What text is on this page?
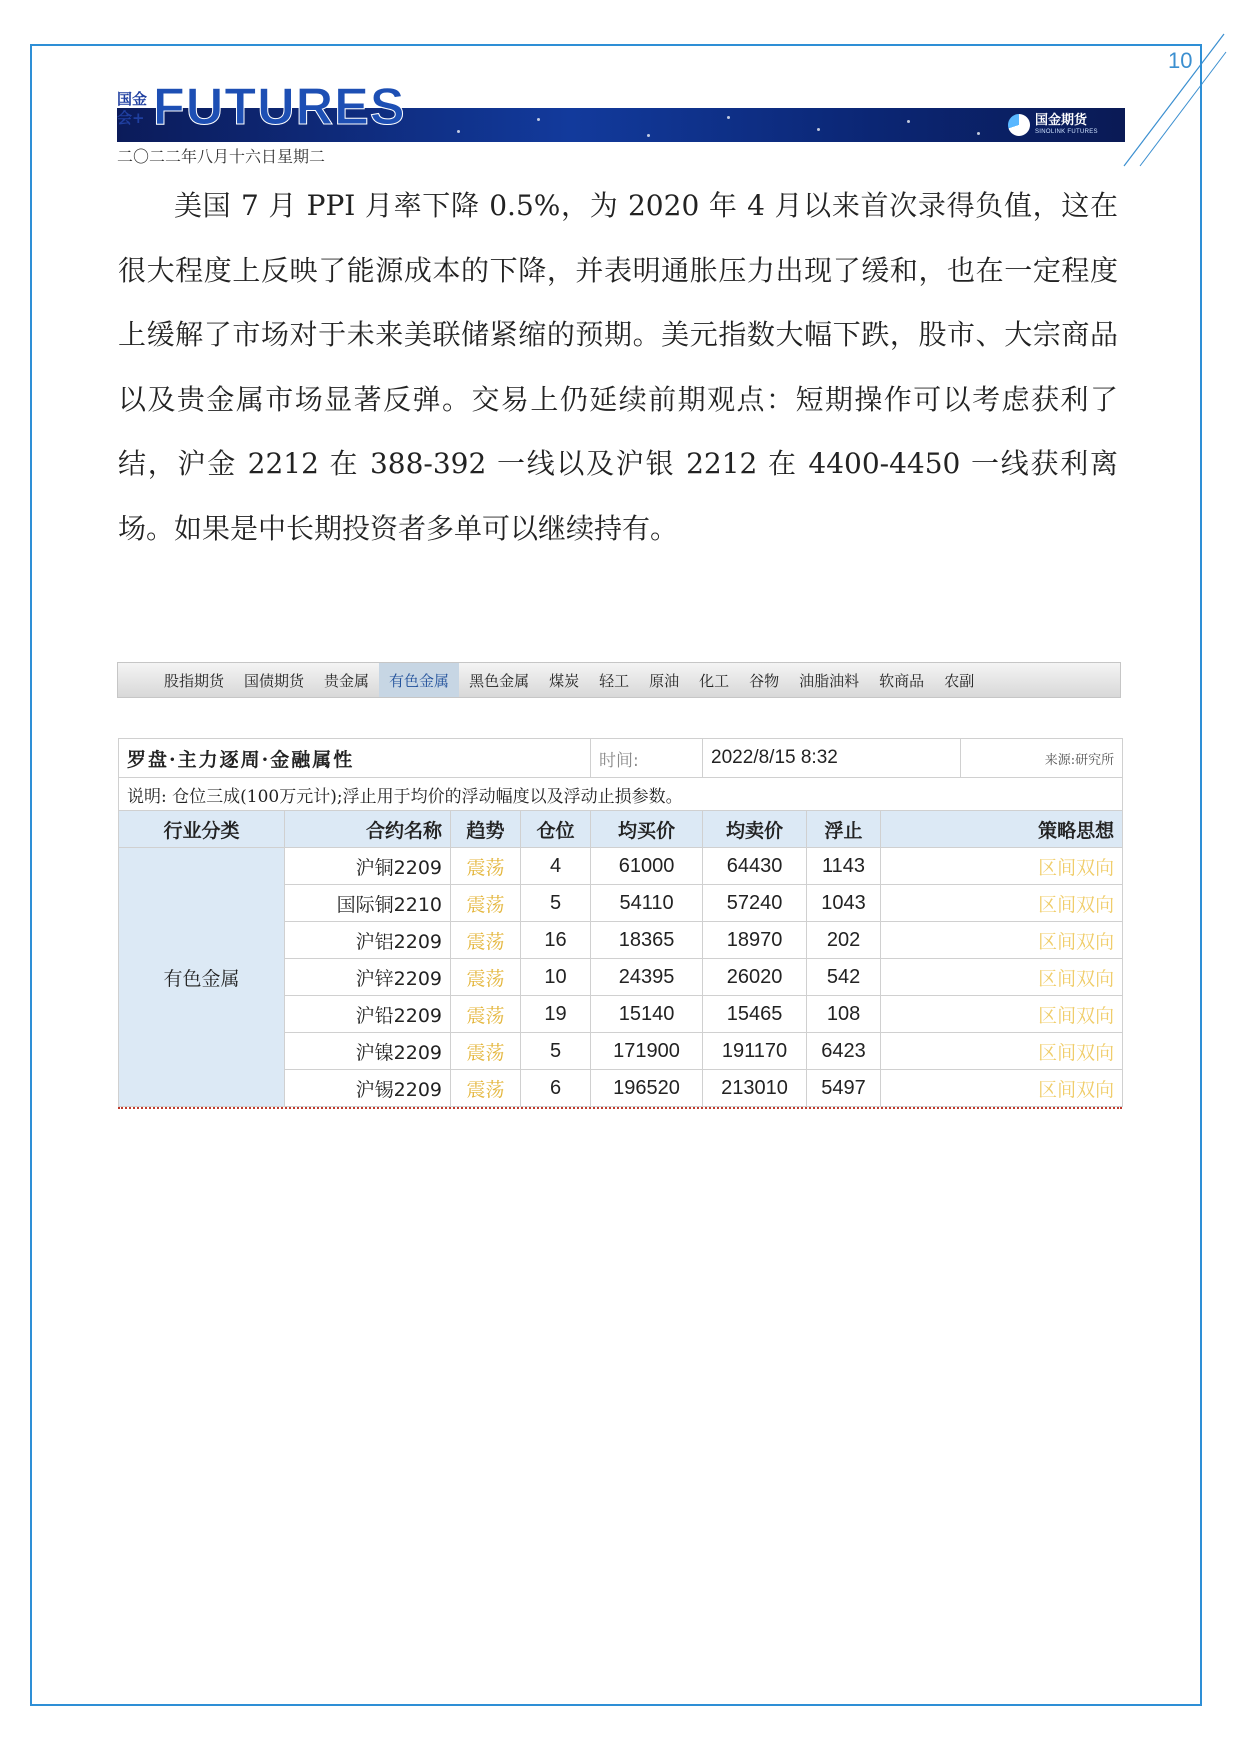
10
国金 会+ FUTURES	国金期货
SINOLINK FUTURES
二〇二二年八月十六日星期二

美国 7 月 PPI 月率下降 0.5%，为 2020 年 4 月以来首次录得负值，这在很大程度上反映了能源成本的下降，并表明通胀压力出现了缓和，也在一定程度上缓解了市场对于未来美联储紧缩的预期。美元指数大幅下跌，股市、大宗商品以及贵金属市场显著反弹。交易上仍延续前期观点：短期操作可以考虑获利了结，沪金 2212 在 388-392 一线以及沪银 2212 在 4400-4450 一线获利离场。如果是中长期投资者多单可以继续持有。

股指期货	国债期货	贵金属	有色金属	黑色金属	煤炭	轻工	原油	化工	谷物	油脂油料	软商品	农副
罗盘·主力逐周·金融属性				时间:	2022/8/15 8:32			来源:研究所
说明: 仓位三成(100万元计);浮止用于均价的浮动幅度以及浮动止损参数。								
行业分类	合约名称	趋势	仓位	均买价	均卖价	浮止	策略思想	
有色金属	沪铜2209	震荡	4	61000	64430	1143	区间双向	
	国际铜2210	震荡	5	54110	57240	1043	区间双向	
	沪铝2209	震荡	16	18365	18970	202	区间双向	
	沪锌2209	震荡	10	24395	26020	542	区间双向	
	沪铅2209	震荡	19	15140	15465	108	区间双向	
	沪镍2209	震荡	5	171900	191170	6423	区间双向	
	沪锡2209	震荡	6	196520	213010	5497	区间双向	
